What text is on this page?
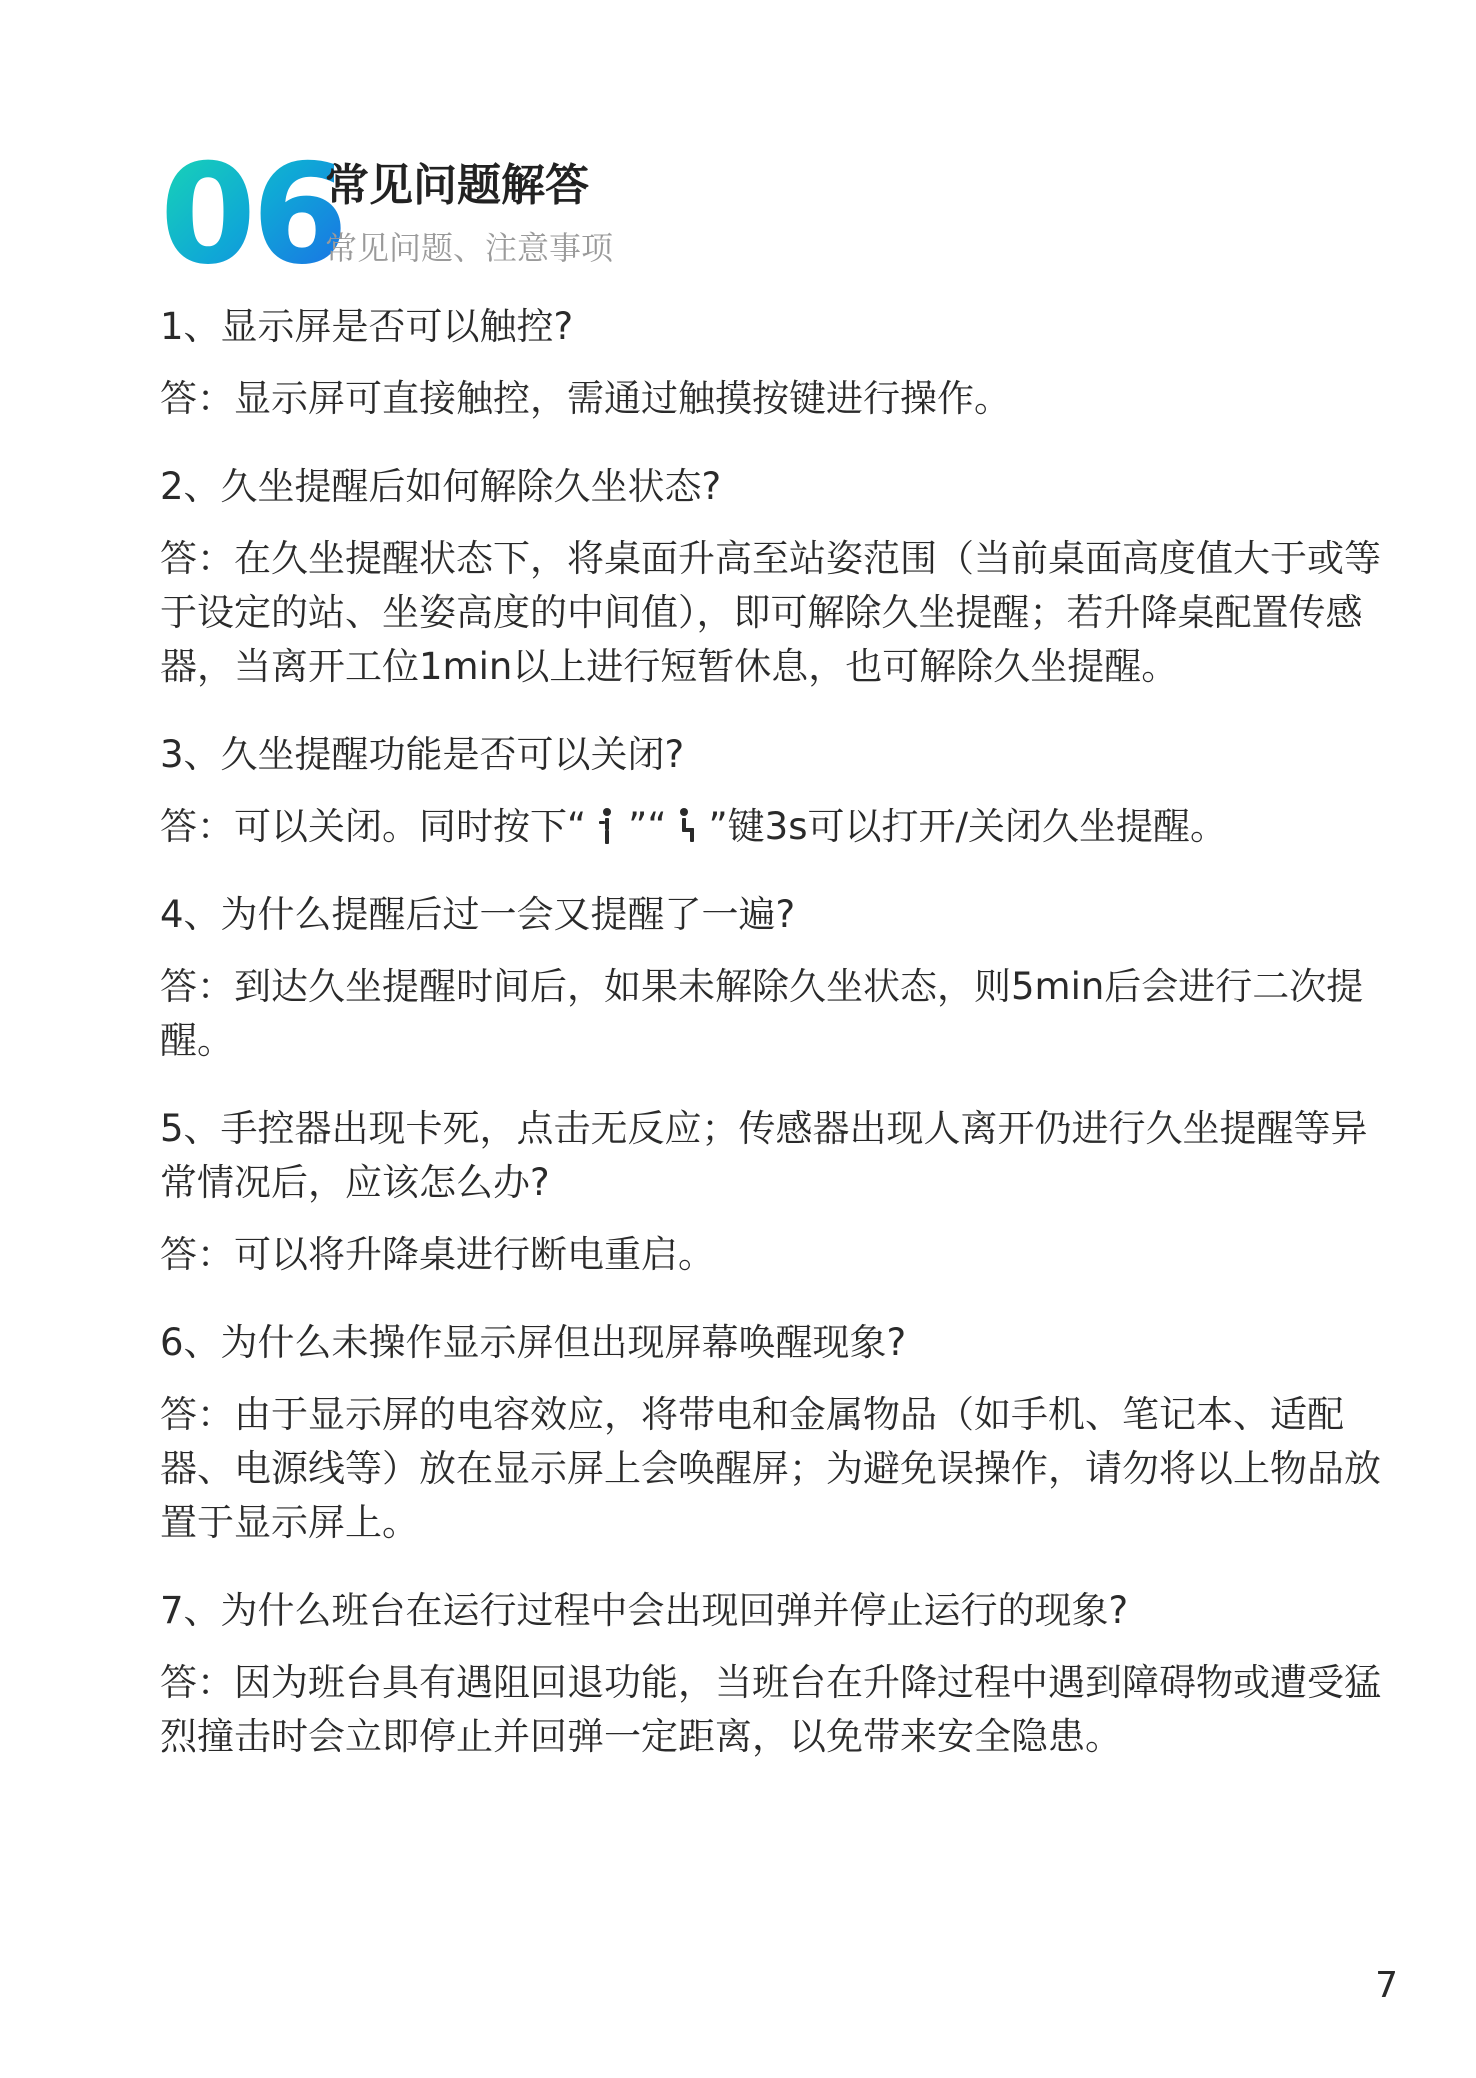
06
常见问题解答
常见问题、注意事项

1、显示屏是否可以触控?

答：显示屏可直接触控，需通过触摸按键进行操作。

2、久坐提醒后如何解除久坐状态?

答：在久坐提醒状态下，将桌面升高至站姿范围（当前桌面高度值大于或等于设定的站、坐姿高度的中间值），即可解除久坐提醒；若升降桌配置传感器，当离开工位1min以上进行短暂休息，也可解除久坐提醒。

3、久坐提醒功能是否可以关闭?

答：可以关闭。同时按下“ ”“ ”键3s可以打开/关闭久坐提醒。

4、为什么提醒后过一会又提醒了一遍?

答：到达久坐提醒时间后，如果未解除久坐状态，则5min后会进行二次提醒。

5、手控器出现卡死，点击无反应；传感器出现人离开仍进行久坐提醒等异常情况后，应该怎么办?

答：可以将升降桌进行断电重启。

6、为什么未操作显示屏但出现屏幕唤醒现象?

答：由于显示屏的电容效应，将带电和金属物品（如手机、笔记本、适配器、电源线等）放在显示屏上会唤醒屏；为避免误操作，请勿将以上物品放置于显示屏上。

7、为什么班台在运行过程中会出现回弹并停止运行的现象?

答：因为班台具有遇阻回退功能，当班台在升降过程中遇到障碍物或遭受猛烈撞击时会立即停止并回弹一定距离，以免带来安全隐患。

7
